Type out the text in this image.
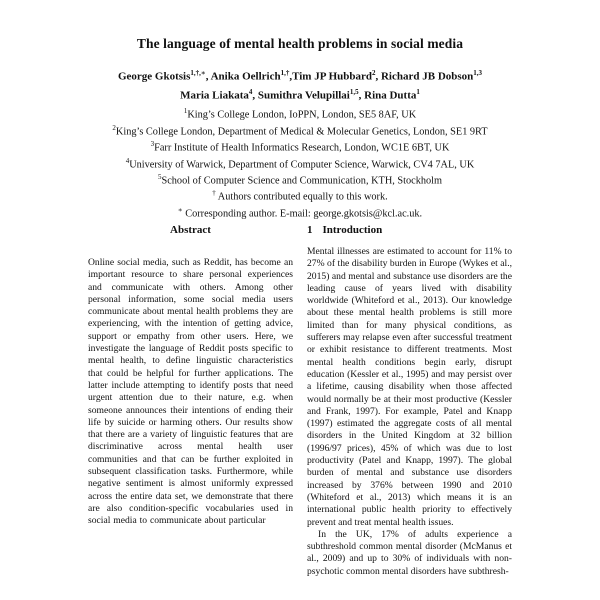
The language of mental health problems in social media
George Gkotsis$^{1,\dagger,∗}$, Anika Oellrich$^{1,\dagger}$,Tim JP Hubbard$^2$, Richard JB Dobson$^{1,3}$
Maria Liakata$^4$, Sumithra Velupillai$^{1,5}$, Rina Dutta$^1$
$^1$King’s College London, IoPPN, London, SE5 8AF, UK
$^2$King’s College London, Department of Medical & Molecular Genetics, London, SE1 9RT
$^3$Farr Institute of Health Informatics Research, London, WC1E 6BT, UK
$^4$University of Warwick, Department of Computer Science, Warwick, CV4 7AL, UK
$^5$School of Computer Science and Communication, KTH, Stockholm
† Authors contributed equally to this work.
∗ Corresponding author. E-mail: george.gkotsis@kcl.ac.uk.
Abstract

Online social media, such as Reddit, has become an important resource to share personal experiences and communicate with others. Among other personal information, some social media users communicate about mental health problems they are experiencing, with the intention of getting advice, support or empathy from other users. Here, we investigate the language of Reddit posts specific to mental health, to define linguistic characteristics that could be helpful for further applications. The latter include attempting to identify posts that need urgent attention due to their nature, e.g. when someone announces their intentions of ending their life by suicide or harming others. Our results show that there are a variety of linguistic features that are discriminative across mental health user communities and that can be further exploited in subsequent classification tasks. Furthermore, while negative sentiment is almost uniformly expressed across the entire data set, we demonstrate that there are also condition-specific vocabularies used in social media to communicate about particular

1 Introduction

Mental illnesses are estimated to account for 11% to 27% of the disability burden in Europe (Wykes et al., 2015) and mental and substance use disorders are the leading cause of years lived with disability worldwide (Whiteford et al., 2013). Our knowledge about these mental health problems is still more limited than for many physical conditions, as sufferers may relapse even after successful treatment or exhibit resistance to different treatments. Most mental health conditions begin early, disrupt education (Kessler et al., 1995) and may persist over a lifetime, causing disability when those affected would normally be at their most productive (Kessler and Frank, 1997). For example, Patel and Knapp (1997) estimated the aggregate costs of all mental disorders in the United Kingdom at 32 billion (1996/97 prices), 45% of which was due to lost productivity (Patel and Knapp, 1997). The global burden of mental and substance use disorders increased by 376% between 1990 and 2010 (Whiteford et al., 2013) which means it is an international public health priority to effectively prevent and treat mental health issues.

In the UK, 17% of adults experience a subthreshold common mental disorder (McManus et al., 2009) and up to 30% of individuals with non-psychotic common mental disorders have subthresh-
